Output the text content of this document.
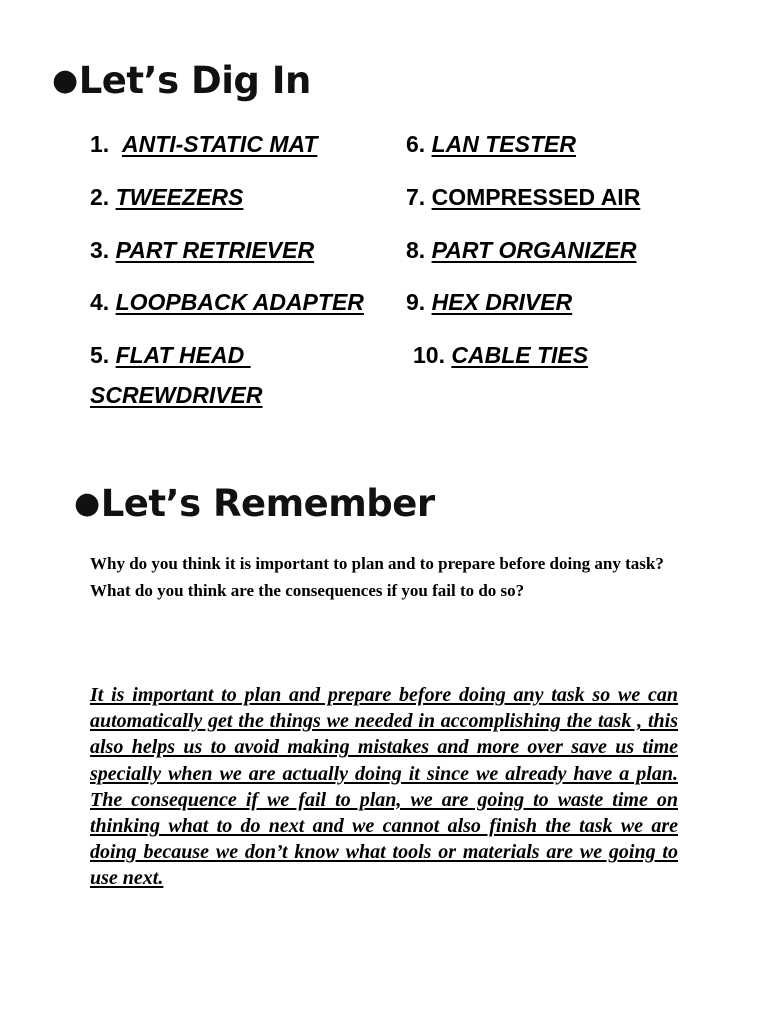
●Let’s Dig In
1. ANTI-STATIC MAT
2. TWEEZERS
3. PART RETRIEVER
4. LOOPBACK ADAPTER
5. FLAT HEAD
SCREWDRIVER
6. LAN TESTER
7. COMPRESSED AIR
8. PART ORGANIZER
9. HEX DRIVER
10. CABLE TIES
●Let’s Remember

Why do you think it is important to plan and to prepare before doing any task? What do you think are the consequences if you fail to do so?

It is important to plan and prepare before doing any task so we can automatically get the things we needed in accomplishing the task , this also helps us to avoid making mistakes and more over save us time specially when we are actually doing it since we already have a plan. The consequence if we fail to plan, we are going to waste time on thinking what to do next and we cannot also finish the task we are doing because we don’t know what tools or materials are we going to use next.
